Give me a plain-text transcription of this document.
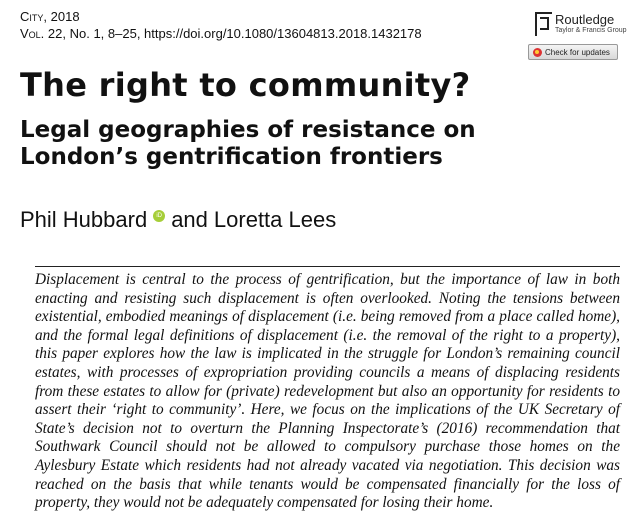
City, 2018
Vol. 22, No. 1, 8–25, https://doi.org/10.1080/13604813.2018.1432178
Routledge
Taylor & Francis Group
Check for updates
The right to community?
Legal geographies of resistance on London’s gentrification frontiers
Phil Hubbard	iD and Loretta Lees

Displacement is central to the process of gentrification, but the importance of law in both enacting and resisting such displacement is often overlooked. Noting the tensions between existential, embodied meanings of displacement (i.e. being removed from a place called home), and the formal legal definitions of displacement (i.e. the removal of the right to a property), this paper explores how the law is implicated in the struggle for London’s remaining council estates, with processes of expropriation providing councils a means of displacing residents from these estates to allow for (private) redevelopment but also an opportunity for residents to assert their ‘right to community’. Here, we focus on the implications of the UK Secretary of State’s decision not to overturn the Planning Inspectorate’s (2016) recommendation that Southwark Council should not be allowed to compulsory purchase those homes on the Aylesbury Estate which residents had not already vacated via negotiation. This decision was reached on the basis that while tenants would be compensated financially for the loss of property, they would not be adequately compensated for losing their home.
